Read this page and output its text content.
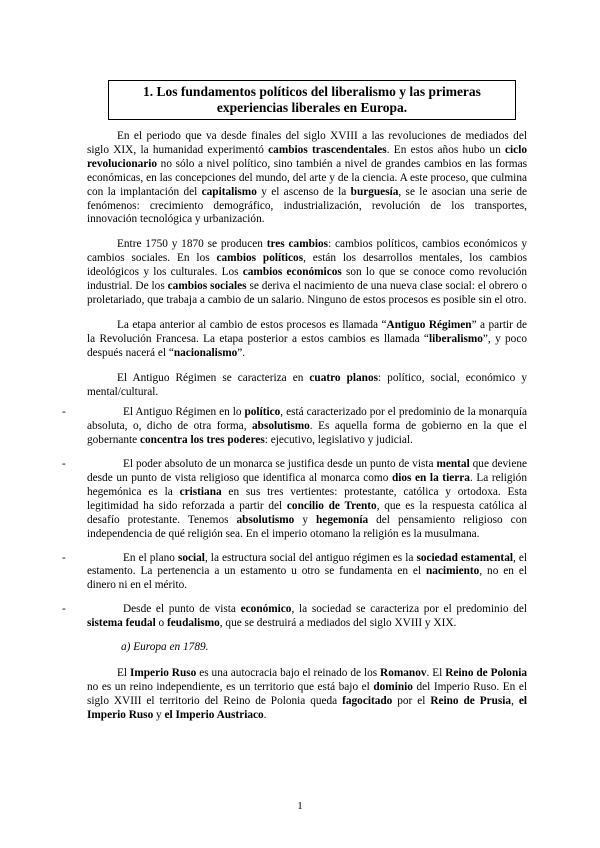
1. Los fundamentos políticos del liberalismo y las primeras
experiencias liberales en Europa.

En el periodo que va desde finales del siglo XVIII a las revoluciones de mediados del siglo XIX, la humanidad experimentó cambios trascendentales. En estos años hubo un ciclo revolucionario no sólo a nivel político, sino también a nivel de grandes cambios en las formas económicas, en las concepciones del mundo, del arte y de la ciencia. A este proceso, que culmina con la implantación del capitalismo y el ascenso de la burguesía, se le asocian una serie de fenómenos: crecimiento demográfico, industrialización, revolución de los transportes, innovación tecnológica y urbanización.

Entre 1750 y 1870 se producen tres cambios: cambios políticos, cambios económicos y cambios sociales. En los cambios políticos, están los desarrollos mentales, los cambios ideológicos y los culturales. Los cambios económicos son lo que se conoce como revolución industrial. De los cambios sociales se deriva el nacimiento de una nueva clase social: el obrero o proletariado, que trabaja a cambio de un salario. Ninguno de estos procesos es posible sin el otro.

La etapa anterior al cambio de estos procesos es llamada “Antiguo Régimen” a partir de la Revolución Francesa. La etapa posterior a estos cambios es llamada “liberalismo”, y poco después nacerá el “nacionalismo”.

El Antiguo Régimen se caracteriza en cuatro planos: político, social, económico y mental/cultural.

-	El Antiguo Régimen en lo político, está caracterizado por el predominio de la monarquía absoluta, o, dicho de otra forma, absolutismo. Es aquella forma de gobierno en la que el gobernante concentra los tres poderes: ejecutivo, legislativo y judicial.

-	El poder absoluto de un monarca se justifica desde un punto de vista mental que deviene desde un punto de vista religioso que identifica al monarca como dios en la tierra. La religión hegemónica es la cristiana en sus tres vertientes: protestante, católica y ortodoxa. Esta legitimidad ha sido reforzada a partir del concilio de Trento, que es la respuesta católica al desafío protestante. Tenemos absolutismo y hegemonía del pensamiento religioso con independencia de qué religión sea. En el imperio otomano la religión es la musulmana.

-	En el plano social, la estructura social del antiguo régimen es la sociedad estamental, el estamento. La pertenencia a un estamento u otro se fundamenta en el nacimiento, no en el dinero ni en el mérito.

-	Desde el punto de vista económico, la sociedad se caracteriza por el predominio del sistema feudal o feudalismo, que se destruirá a mediados del siglo XVIII y XIX.

a) Europa en 1789.

El Imperio Ruso es una autocracia bajo el reinado de los Romanov. El Reino de Polonia no es un reino independiente, es un territorio que está bajo el dominio del Imperio Ruso. En el siglo XVIII el territorio del Reino de Polonia queda fagocitado por el Reino de Prusia, el Imperio Ruso y el Imperio Austriaco.

1
